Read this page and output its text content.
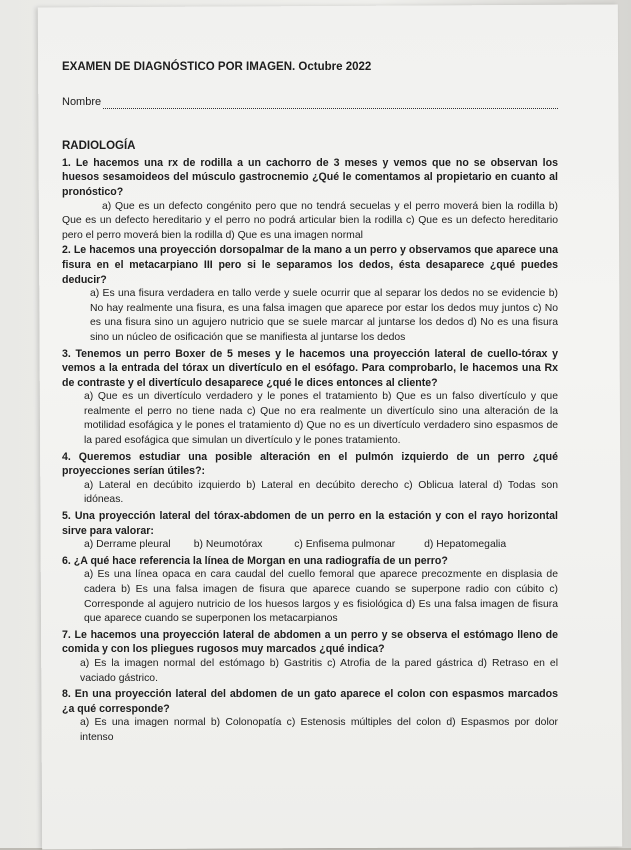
EXAMEN DE DIAGNÓSTICO POR IMAGEN. Octubre 2022
Nombre
RADIOLOGÍA
1. Le hacemos una rx de rodilla a un cachorro de 3 meses y vemos que no se observan los huesos sesamoideos del músculo gastrocnemio ¿Qué le comentamos al propietario en cuanto al pronóstico?
a) Que es un defecto congénito pero que no tendrá secuelas y el perro moverá bien la rodilla b) Que es un defecto hereditario y el perro no podrá articular bien la rodilla c) Que es un defecto hereditario pero el perro moverá bien la rodilla d) Que es una imagen normal
2. Le hacemos una proyección dorsopalmar de la mano a un perro y observamos que aparece una fisura en el metacarpiano III pero si le separamos los dedos, ésta desaparece ¿qué puedes deducir?
a) Es una fisura verdadera en tallo verde y suele ocurrir que al separar los dedos no se evidencie b) No hay realmente una fisura, es una falsa imagen que aparece por estar los dedos muy juntos c) No es una fisura sino un agujero nutricio que se suele marcar al juntarse los dedos d) No es una fisura sino un núcleo de osificación que se manifiesta al juntarse los dedos
3. Tenemos un perro Boxer de 5 meses y le hacemos una proyección lateral de cuello-tórax y vemos a la entrada del tórax un divertículo en el esófago. Para comprobarlo, le hacemos una Rx de contraste y el divertículo desaparece ¿qué le dices entonces al cliente?
a) Que es un divertículo verdadero y le pones el tratamiento b) Que es un falso divertículo y que realmente el perro no tiene nada c) Que no era realmente un divertículo sino una alteración de la motilidad esofágica y le pones el tratamiento d) Que no es un divertículo verdadero sino espasmos de la pared esofágica que simulan un divertículo y le pones tratamiento.
4. Queremos estudiar una posible alteración en el pulmón izquierdo de un perro ¿qué proyecciones serían útiles?:
a) Lateral en decúbito izquierdo b) Lateral en decúbito derecho c) Oblicua lateral d) Todas son idóneas.
5. Una proyección lateral del tórax-abdomen de un perro en la estación y con el rayo horizontal sirve para valorar:
a) Derrame pleural        b) Neumotórax           c) Enfisema pulmonar          d) Hepatomegalia
6. ¿A qué hace referencia la línea de Morgan en una radiografía de un perro?
a) Es una línea opaca en cara caudal del cuello femoral que aparece precozmente en displasia de cadera b) Es una falsa imagen de fisura que aparece cuando se superpone radio con cúbito c) Corresponde al agujero nutricio de los huesos largos y es fisiológica d) Es una falsa imagen de fisura que aparece cuando se superponen los metacarpianos
7. Le hacemos una proyección lateral de abdomen a un perro y se observa el estómago lleno de comida y con los pliegues rugosos muy marcados ¿qué indica?
a) Es la imagen normal del estómago b) Gastritis c) Atrofia de la pared gástrica d) Retraso en el vaciado gástrico.
8. En una proyección lateral del abdomen de un gato aparece el colon con espasmos marcados ¿a qué corresponde?
a) Es una imagen normal b) Colonopatía c) Estenosis múltiples del colon d) Espasmos por dolor intenso
